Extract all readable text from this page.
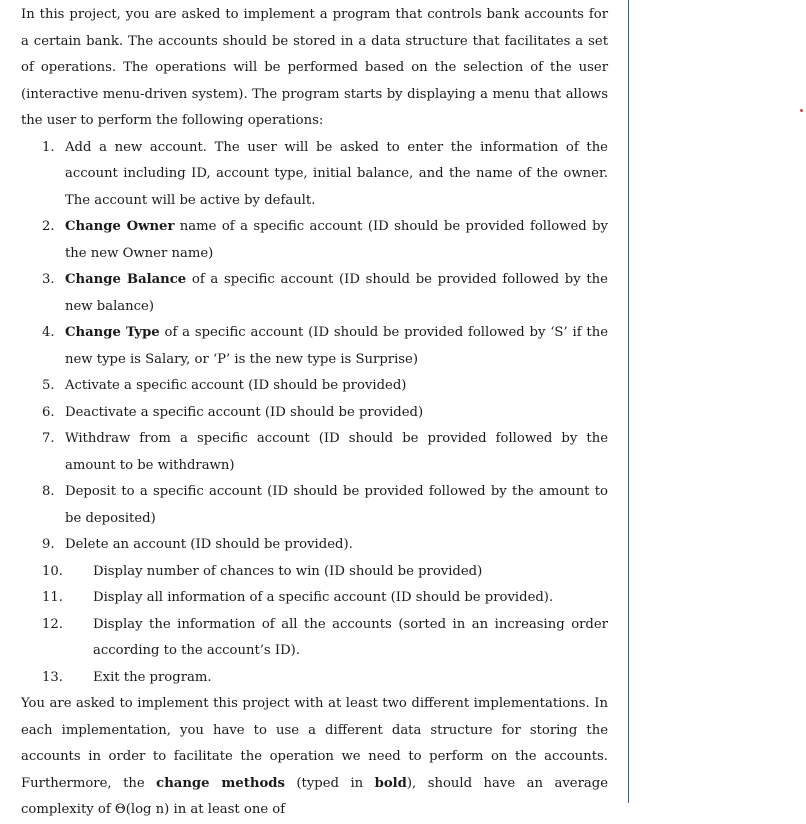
In this project, you are asked to implement a program that controls bank accounts for a certain bank. The accounts should be stored in a data structure that facilitates a set of operations. The operations will be performed based on the selection of the user (interactive menu-driven system). The program starts by displaying a menu that allows the user to perform the following operations:

1. Add a new account. The user will be asked to enter the information of the account including ID, account type, initial balance, and the name of the owner. The account will be active by default.
2. Change Owner name of a specific account (ID should be provided followed by the new Owner name)
3. Change Balance of a specific account (ID should be provided followed by the new balance)
4. Change Type of a specific account (ID should be provided followed by ‘S’ if the new type is Salary, or ‘P’ is the new type is Surprise)
5. Activate a specific account (ID should be provided)
6. Deactivate a specific account (ID should be provided)
7. Withdraw from a specific account (ID should be provided followed by the amount to be withdrawn)
8. Deposit to a specific account (ID should be provided followed by the amount to be deposited)
9. Delete an account (ID should be provided).
10. Display number of chances to win (ID should be provided)
11. Display all information of a specific account (ID should be provided).
12. Display the information of all the accounts (sorted in an increasing order according to the account’s ID).
13. Exit the program.

You are asked to implement this project with at least two different implementations. In each implementation, you have to use a different data structure for storing the accounts in order to facilitate the operation we need to perform on the accounts. Furthermore, the change methods (typed in bold), should have an average complexity of Θ(log n) in at least one of
